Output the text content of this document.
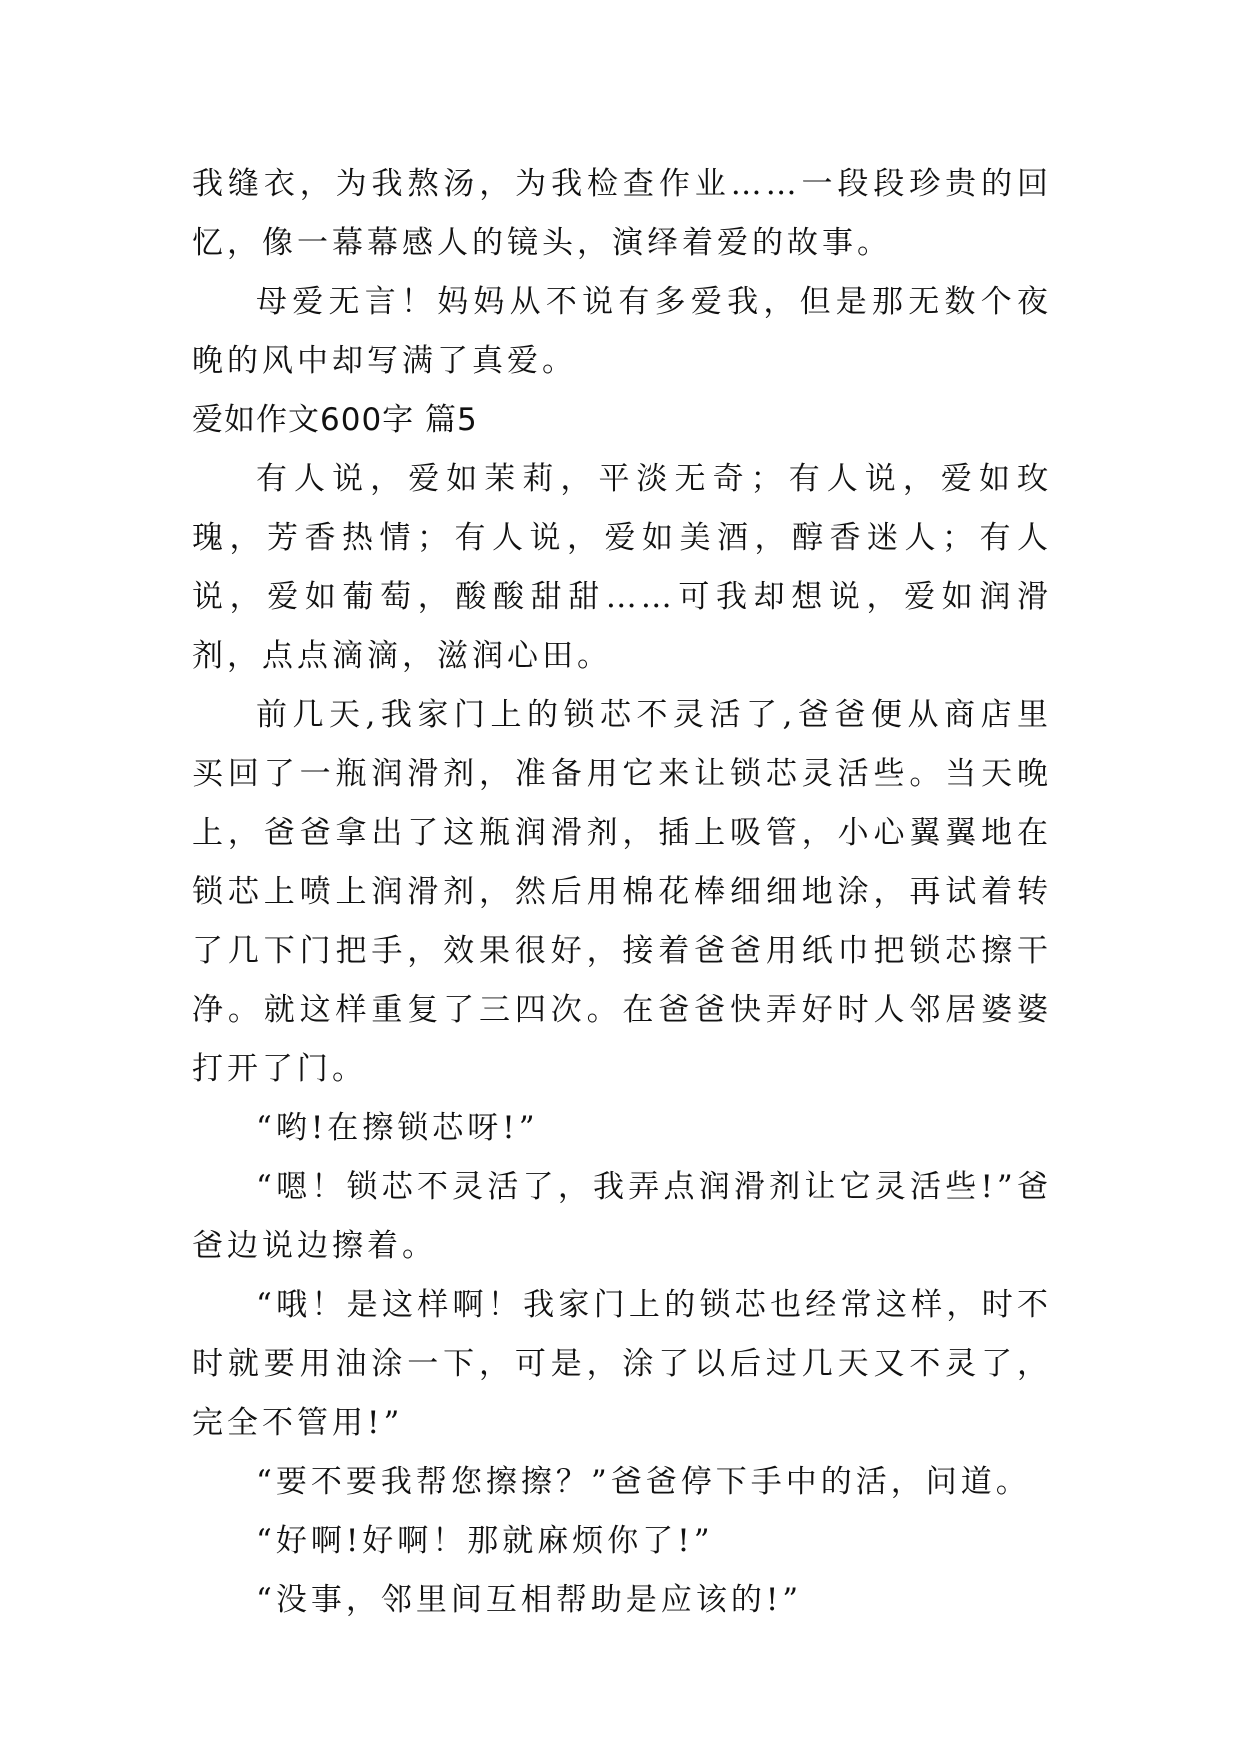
我缝衣，为我熬汤，为我检查作业……一段段珍贵的回忆，像一幕幕感人的镜头，演绎着爱的故事。

母爱无言！妈妈从不说有多爱我，但是那无数个夜晚的风中却写满了真爱。

爱如作文600字 篇5

有人说，爱如茉莉，平淡无奇；有人说，爱如玫瑰，芳香热情；有人说，爱如美酒，醇香迷人；有人说，爱如葡萄，酸酸甜甜……可我却想说，爱如润滑剂，点点滴滴，滋润心田。

前几天,我家门上的锁芯不灵活了,爸爸便从商店里买回了一瓶润滑剂，准备用它来让锁芯灵活些。当天晚上，爸爸拿出了这瓶润滑剂，插上吸管，小心翼翼地在锁芯上喷上润滑剂，然后用棉花棒细细地涂，再试着转了几下门把手，效果很好，接着爸爸用纸巾把锁芯擦干净。就这样重复了三四次。在爸爸快弄好时人邻居婆婆打开了门。

“哟!在擦锁芯呀!”

“嗯！锁芯不灵活了，我弄点润滑剂让它灵活些!”爸爸边说边擦着。

“哦！是这样啊！我家门上的锁芯也经常这样，时不时就要用油涂一下，可是，涂了以后过几天又不灵了，完全不管用!”

“要不要我帮您擦擦？”爸爸停下手中的活，问道。

“好啊!好啊！那就麻烦你了!”

“没事，邻里间互相帮助是应该的!”
